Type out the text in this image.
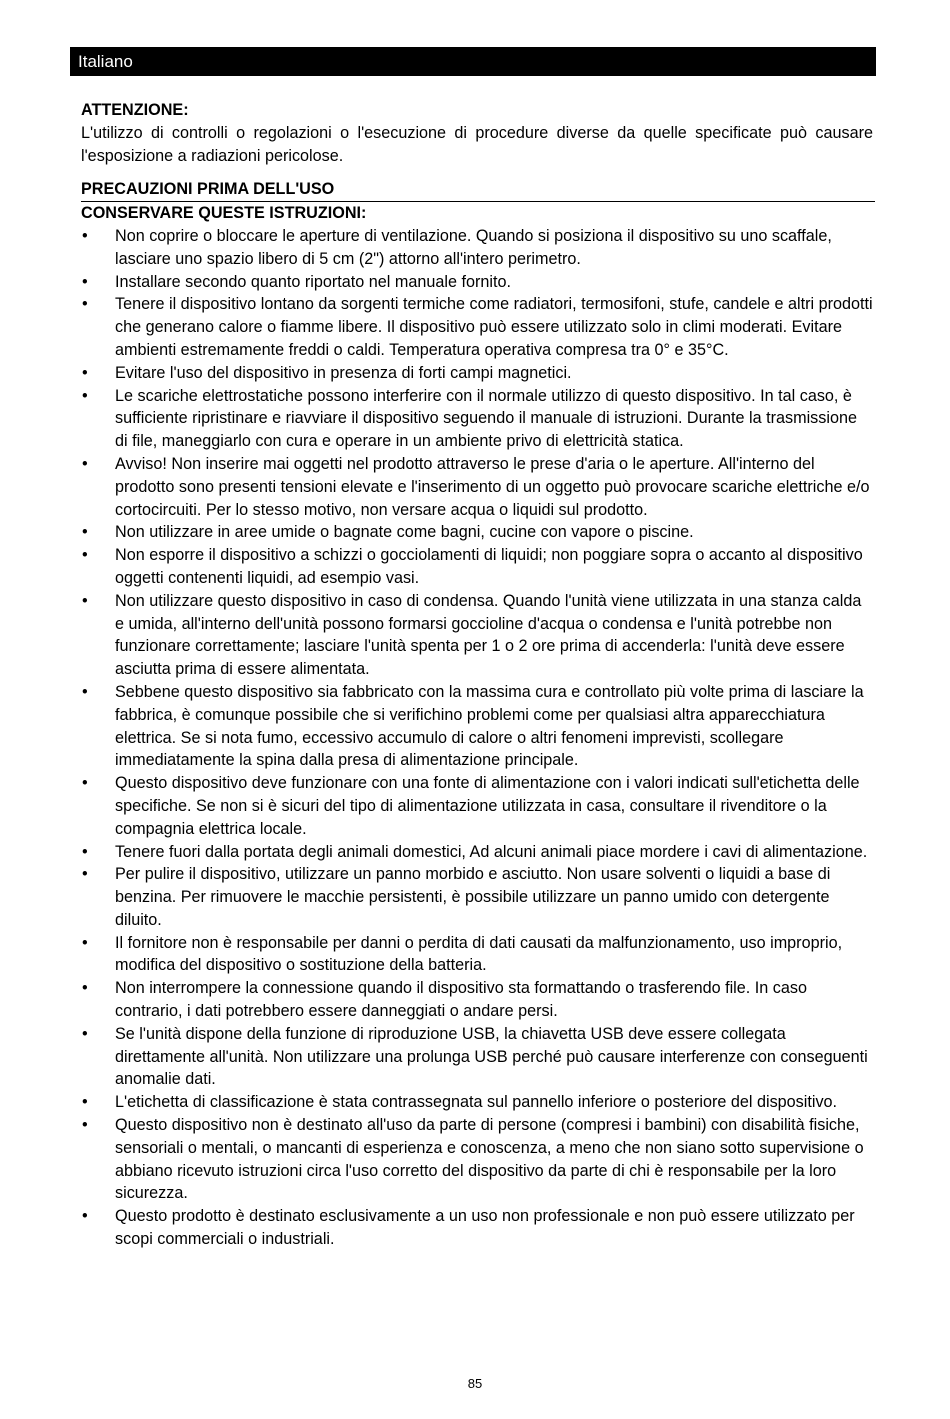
Italiano

ATTENZIONE:

L'utilizzo di controlli o regolazioni o l'esecuzione di procedure diverse da quelle specificate può causare l'esposizione a radiazioni pericolose.

PRECAUZIONI PRIMA DELL'USO

CONSERVARE QUESTE ISTRUZIONI:

• Non coprire o bloccare le aperture di ventilazione. Quando si posiziona il dispositivo su uno scaffale, lasciare uno spazio libero di 5 cm (2") attorno all'intero perimetro.
• Installare secondo quanto riportato nel manuale fornito.
• Tenere il dispositivo lontano da sorgenti termiche come radiatori, termosifoni, stufe, candele e altri prodotti che generano calore o fiamme libere. Il dispositivo può essere utilizzato solo in climi moderati. Evitare ambienti estremamente freddi o caldi. Temperatura operativa compresa tra 0° e 35°C.
• Evitare l'uso del dispositivo in presenza di forti campi magnetici.
• Le scariche elettrostatiche possono interferire con il normale utilizzo di questo dispositivo. In tal caso, è sufficiente ripristinare e riavviare il dispositivo seguendo il manuale di istruzioni. Durante la trasmissione di file, maneggiarlo con cura e operare in un ambiente privo di elettricità statica.
• Avviso! Non inserire mai oggetti nel prodotto attraverso le prese d'aria o le aperture. All'interno del prodotto sono presenti tensioni elevate e l'inserimento di un oggetto può provocare scariche elettriche e/o cortocircuiti. Per lo stesso motivo, non versare acqua o liquidi sul prodotto.
• Non utilizzare in aree umide o bagnate come bagni, cucine con vapore o piscine.
• Non esporre il dispositivo a schizzi o gocciolamenti di liquidi; non poggiare sopra o accanto al dispositivo oggetti contenenti liquidi, ad esempio vasi.
• Non utilizzare questo dispositivo in caso di condensa. Quando l'unità viene utilizzata in una stanza calda e umida, all'interno dell'unità possono formarsi goccioline d'acqua o condensa e l'unità potrebbe non funzionare correttamente; lasciare l'unità spenta per 1 o 2 ore prima di accenderla: l'unità deve essere asciutta prima di essere alimentata.
• Sebbene questo dispositivo sia fabbricato con la massima cura e controllato più volte prima di lasciare la fabbrica, è comunque possibile che si verifichino problemi come per qualsiasi altra apparecchiatura elettrica. Se si nota fumo, eccessivo accumulo di calore o altri fenomeni imprevisti, scollegare immediatamente la spina dalla presa di alimentazione principale.
• Questo dispositivo deve funzionare con una fonte di alimentazione con i valori indicati sull'etichetta delle specifiche. Se non si è sicuri del tipo di alimentazione utilizzata in casa, consultare il rivenditore o la compagnia elettrica locale.
• Tenere fuori dalla portata degli animali domestici, Ad alcuni animali piace mordere i cavi di alimentazione.
• Per pulire il dispositivo, utilizzare un panno morbido e asciutto. Non usare solventi o liquidi a base di benzina. Per rimuovere le macchie persistenti, è possibile utilizzare un panno umido con detergente diluito.
• Il fornitore non è responsabile per danni o perdita di dati causati da malfunzionamento, uso improprio, modifica del dispositivo o sostituzione della batteria.
• Non interrompere la connessione quando il dispositivo sta formattando o trasferendo file. In caso contrario, i dati potrebbero essere danneggiati o andare persi.
• Se l'unità dispone della funzione di riproduzione USB, la chiavetta USB deve essere collegata direttamente all'unità. Non utilizzare una prolunga USB perché può causare interferenze con conseguenti anomalie dati.
• L'etichetta di classificazione è stata contrassegnata sul pannello inferiore o posteriore del dispositivo.
• Questo dispositivo non è destinato all'uso da parte di persone (compresi i bambini) con disabilità fisiche, sensoriali o mentali, o mancanti di esperienza e conoscenza, a meno che non siano sotto supervisione o abbiano ricevuto istruzioni circa l'uso corretto del dispositivo da parte di chi è responsabile per la loro sicurezza.
• Questo prodotto è destinato esclusivamente a un uso non professionale e non può essere utilizzato per scopi commerciali o industriali.
85
